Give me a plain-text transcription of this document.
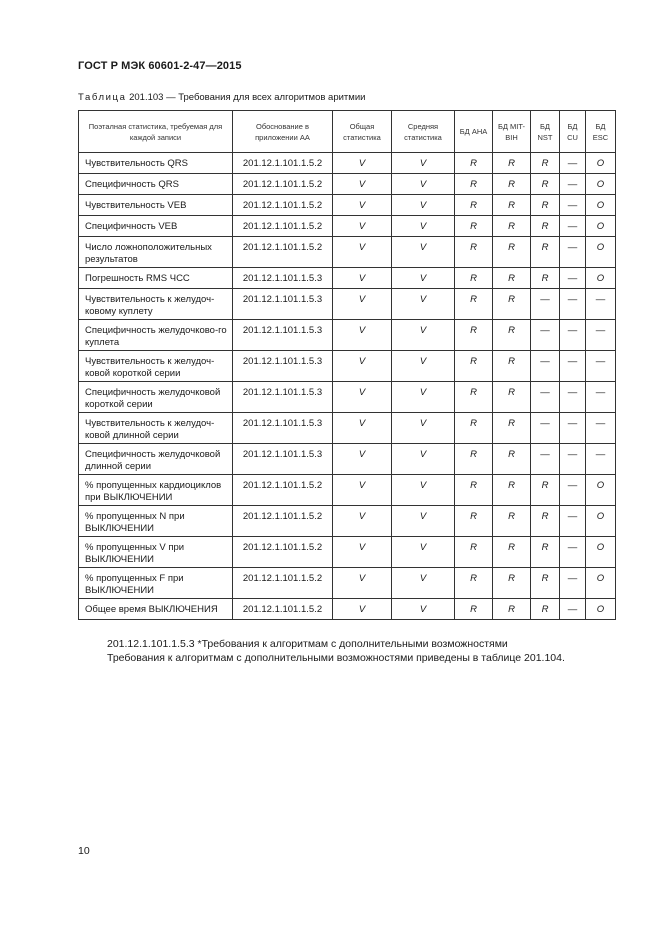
ГОСТ Р МЭК 60601-2-47—2015
Таблица 201.103 — Требования для всех алгоритмов аритмии
Поэталная статистика, требуемая для каждой записи	Обоснование в приложении АА	Общая статистика	Средняя статистика	БД AHA	БД MIT-BIH	БД NST	БД CU	БД ESC
Чувствительность QRS	201.12.1.101.1.5.2	V	V	R	R	R	—	O
Специфичность QRS	201.12.1.101.1.5.2	V	V	R	R	R	—	O
Чувствительность VEB	201.12.1.101.1.5.2	V	V	R	R	R	—	O
Специфичность VEB	201.12.1.101.1.5.2	V	V	R	R	R	—	O
Число ложноположительных результатов	201.12.1.101.1.5.2	V	V	R	R	R	—	O
Погрешность RMS ЧСС	201.12.1.101.1.5.3	V	V	R	R	R	—	O
Чувствительность к желудоч-ковому куплету	201.12.1.101.1.5.3	V	V	R	R	—	—	—
Специфичность желудочково-го куплета	201.12.1.101.1.5.3	V	V	R	R	—	—	—
Чувствительность к желудоч-ковой короткой серии	201.12.1.101.1.5.3	V	V	R	R	—	—	—
Специфичность желудочковой короткой серии	201.12.1.101.1.5.3	V	V	R	R	—	—	—
Чувствительность к желудоч-ковой длинной серии	201.12.1.101.1.5.3	V	V	R	R	—	—	—
Специфичность желудочковой длинной серии	201.12.1.101.1.5.3	V	V	R	R	—	—	—
% пропущенных кардиоциклов при ВЫКЛЮЧЕНИИ	201.12.1.101.1.5.2	V	V	R	R	R	—	O
% пропущенных N при ВЫКЛЮЧЕНИИ	201.12.1.101.1.5.2	V	V	R	R	R	—	O
% пропущенных V при ВЫКЛЮЧЕНИИ	201.12.1.101.1.5.2	V	V	R	R	R	—	O
% пропущенных F при ВЫКЛЮЧЕНИИ	201.12.1.101.1.5.2	V	V	R	R	R	—	O
Общее время ВЫКЛЮЧЕНИЯ	201.12.1.101.1.5.2	V	V	R	R	R	—	O
201.12.1.101.1.5.3 *Требования к алгоритмам с дополнительными возможностями
Требования к алгоритмам с дополнительными возможностями приведены в таблице 201.104.
10
